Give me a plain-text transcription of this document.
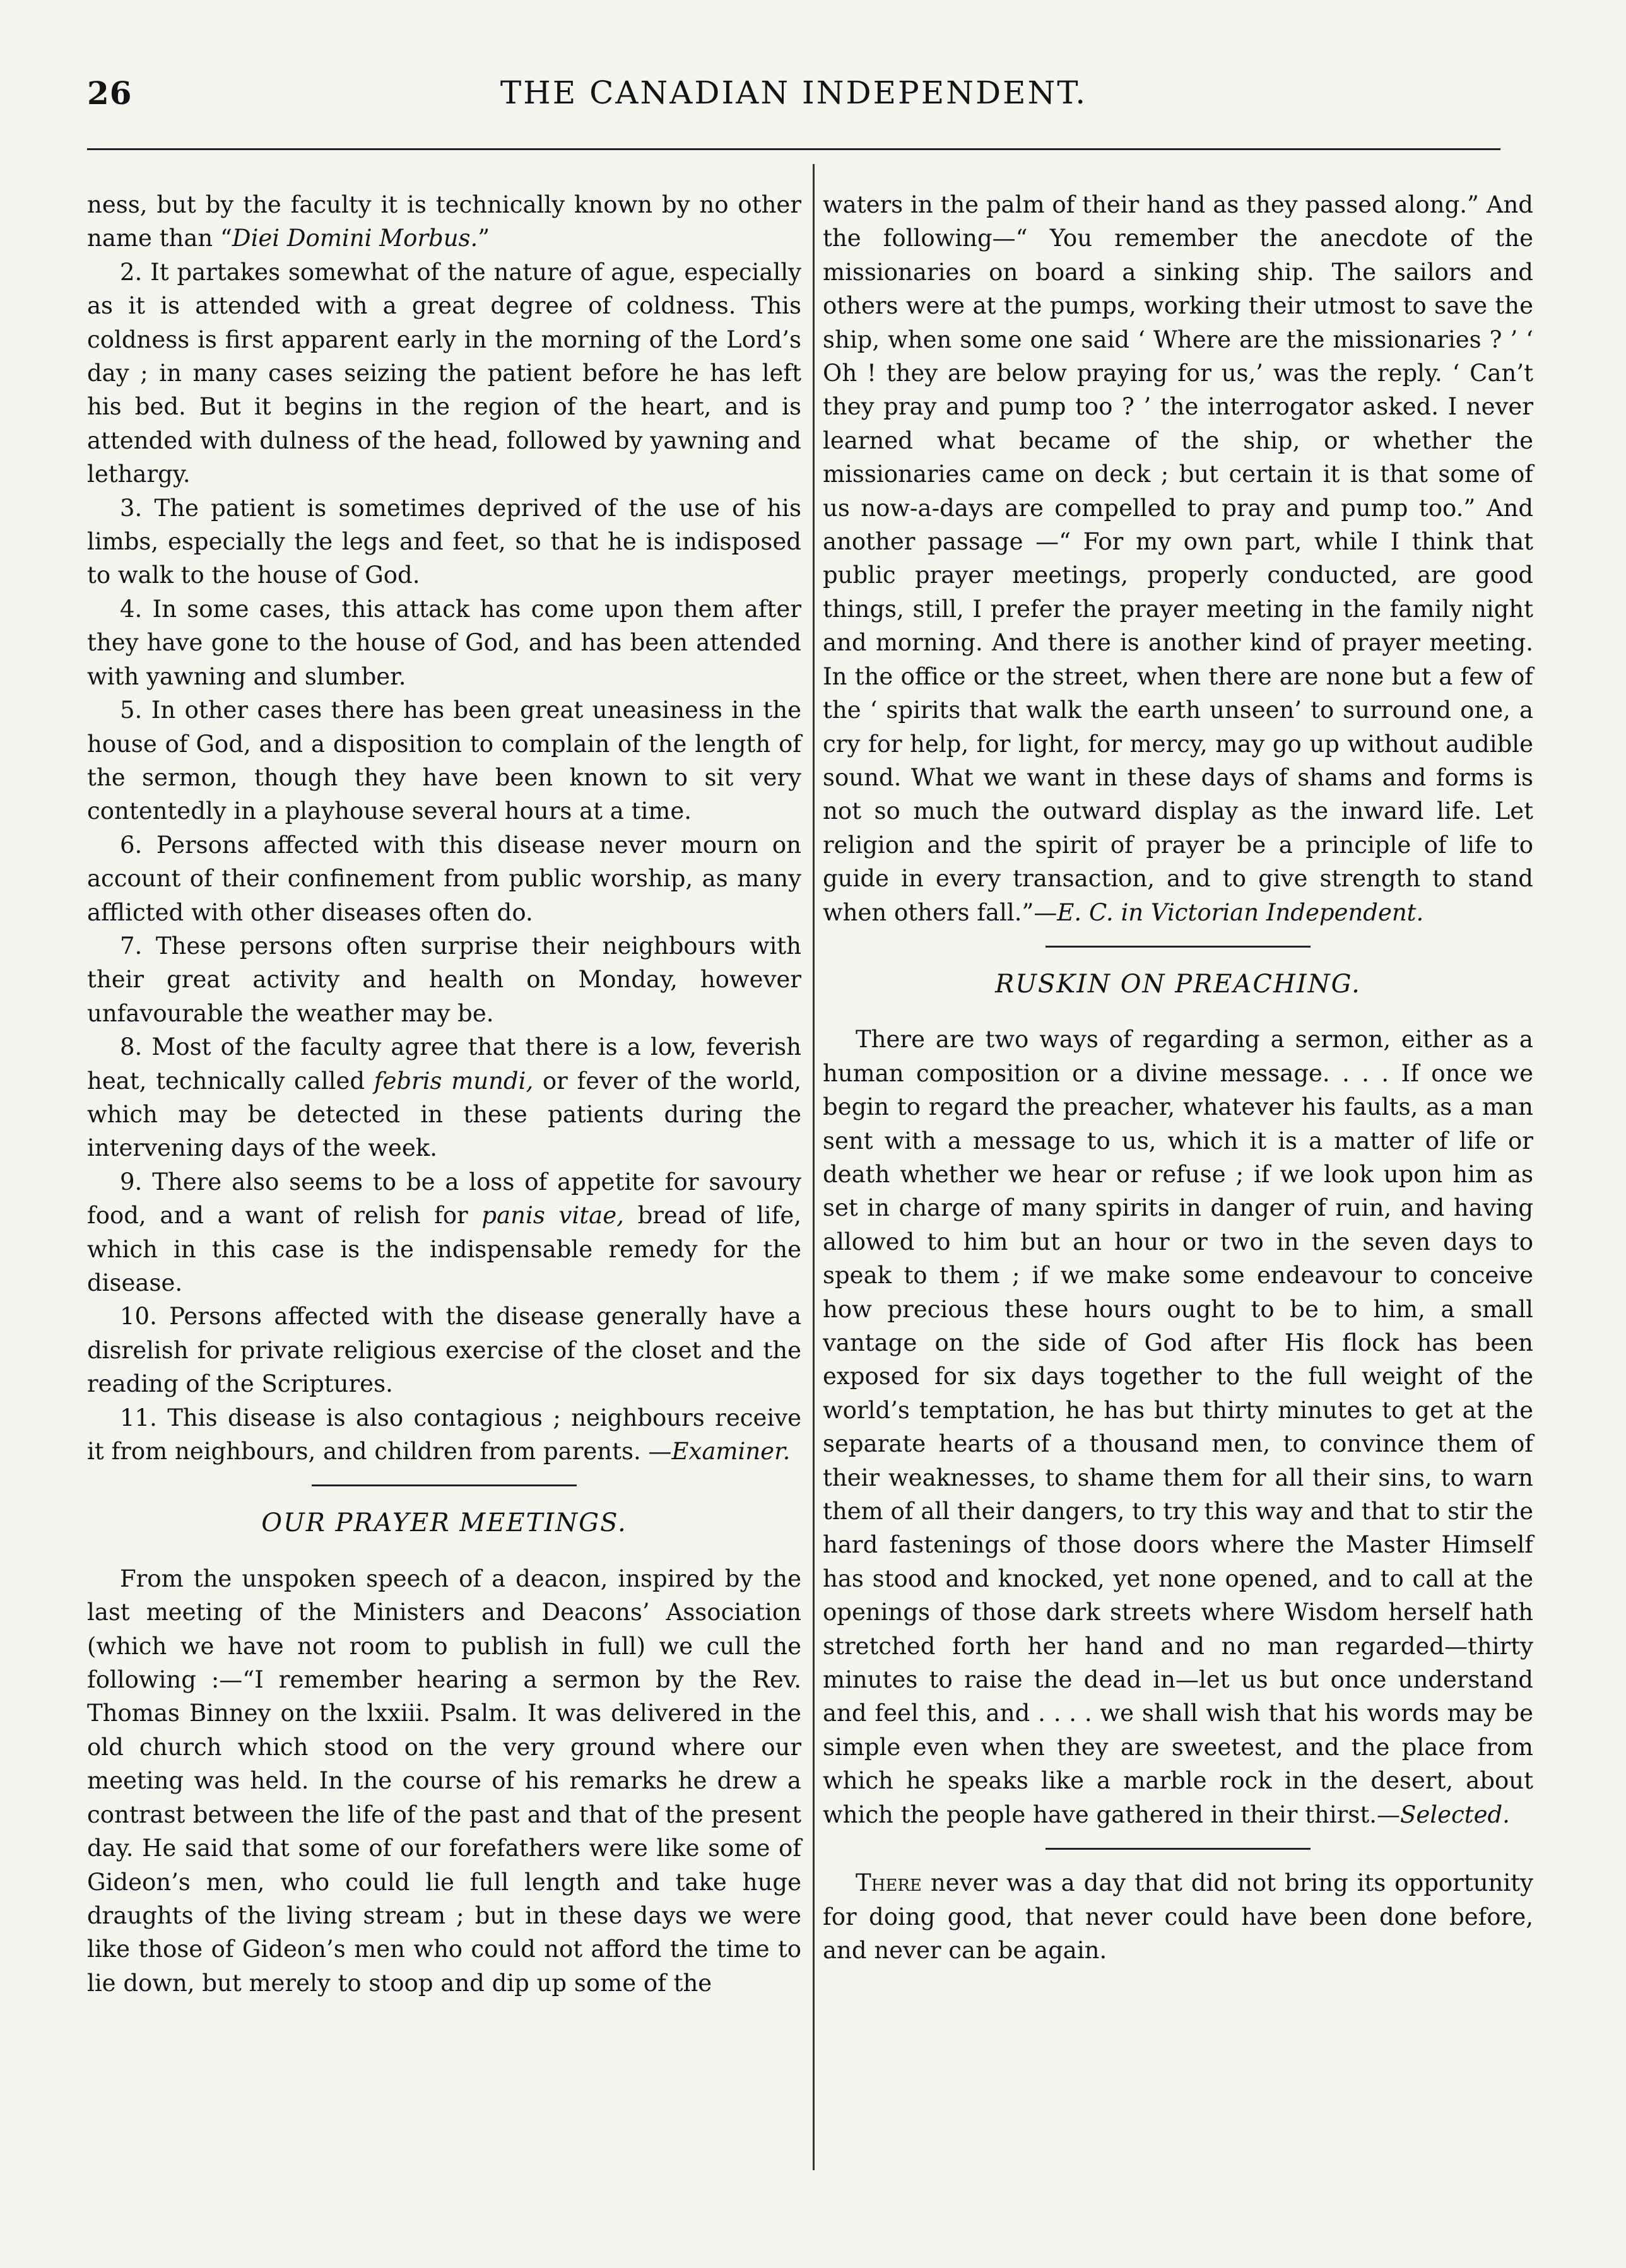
26	THE CANADIAN INDEPENDENT.

ness, but by the faculty it is technically known by no other name than “Diei Domini Morbus.”

2. It partakes somewhat of the nature of ague, especially as it is attended with a great degree of coldness. This coldness is first apparent early in the morning of the Lord’s day ; in many cases seizing the patient before he has left his bed. But it begins in the region of the heart, and is attended with dulness of the head, followed by yawning and lethargy.

3. The patient is sometimes deprived of the use of his limbs, especially the legs and feet, so that he is indisposed to walk to the house of God.

4. In some cases, this attack has come upon them after they have gone to the house of God, and has been attended with yawning and slumber.

5. In other cases there has been great uneasiness in the house of God, and a disposition to complain of the length of the sermon, though they have been known to sit very contentedly in a playhouse several hours at a time.

6. Persons affected with this disease never mourn on account of their confinement from public worship, as many afflicted with other diseases often do.

7. These persons often surprise their neighbours with their great activity and health on Monday, however unfavourable the weather may be.

8. Most of the faculty agree that there is a low, feverish heat, technically called febris mundi, or fever of the world, which may be detected in these patients during the intervening days of the week.

9. There also seems to be a loss of appetite for savoury food, and a want of relish for panis vitae, bread of life, which in this case is the indispensable remedy for the disease.

10. Persons affected with the disease generally have a disrelish for private religious exercise of the closet and the reading of the Scriptures.

11. This disease is also contagious ; neighbours receive it from neighbours, and children from parents. —Examiner.

OUR PRAYER MEETINGS.

From the unspoken speech of a deacon, inspired by the last meeting of the Ministers and Deacons’ Association (which we have not room to publish in full) we cull the following :—“I remember hearing a sermon by the Rev. Thomas Binney on the lxxiii. Psalm. It was delivered in the old church which stood on the very ground where our meeting was held. In the course of his remarks he drew a contrast between the life of the past and that of the present day. He said that some of our forefathers were like some of Gideon’s men, who could lie full length and take huge draughts of the living stream ; but in these days we were like those of Gideon’s men who could not afford the time to lie down, but merely to stoop and dip up some of the

waters in the palm of their hand as they passed along.” And the following—“ You remember the anecdote of the missionaries on board a sinking ship. The sailors and others were at the pumps, working their utmost to save the ship, when some one said ‘ Where are the missionaries ? ’ ‘ Oh ! they are below praying for us,’ was the reply. ‘ Can’t they pray and pump too ? ’ the interrogator asked. I never learned what became of the ship, or whether the missionaries came on deck ; but certain it is that some of us now-a-days are compelled to pray and pump too.” And another passage —“ For my own part, while I think that public prayer meetings, properly conducted, are good things, still, I prefer the prayer meeting in the family night and morning. And there is another kind of prayer meeting. In the office or the street, when there are none but a few of the ‘ spirits that walk the earth unseen’ to surround one, a cry for help, for light, for mercy, may go up without audible sound. What we want in these days of shams and forms is not so much the outward display as the inward life. Let religion and the spirit of prayer be a principle of life to guide in every transaction, and to give strength to stand when others fall.”—E. C. in Victorian Independent.

RUSKIN ON PREACHING.

There are two ways of regarding a sermon, either as a human composition or a divine message. . . . If once we begin to regard the preacher, whatever his faults, as a man sent with a message to us, which it is a matter of life or death whether we hear or refuse ; if we look upon him as set in charge of many spirits in danger of ruin, and having allowed to him but an hour or two in the seven days to speak to them ; if we make some endeavour to conceive how precious these hours ought to be to him, a small vantage on the side of God after His flock has been exposed for six days together to the full weight of the world’s temptation, he has but thirty minutes to get at the separate hearts of a thousand men, to convince them of their weaknesses, to shame them for all their sins, to warn them of all their dangers, to try this way and that to stir the hard fastenings of those doors where the Master Himself has stood and knocked, yet none opened, and to call at the openings of those dark streets where Wisdom herself hath stretched forth her hand and no man regarded—thirty minutes to raise the dead in—let us but once understand and feel this, and . . . . we shall wish that his words may be simple even when they are sweetest, and the place from which he speaks like a marble rock in the desert, about which the people have gathered in their thirst.—Selected.

There never was a day that did not bring its opportunity for doing good, that never could have been done before, and never can be again.
